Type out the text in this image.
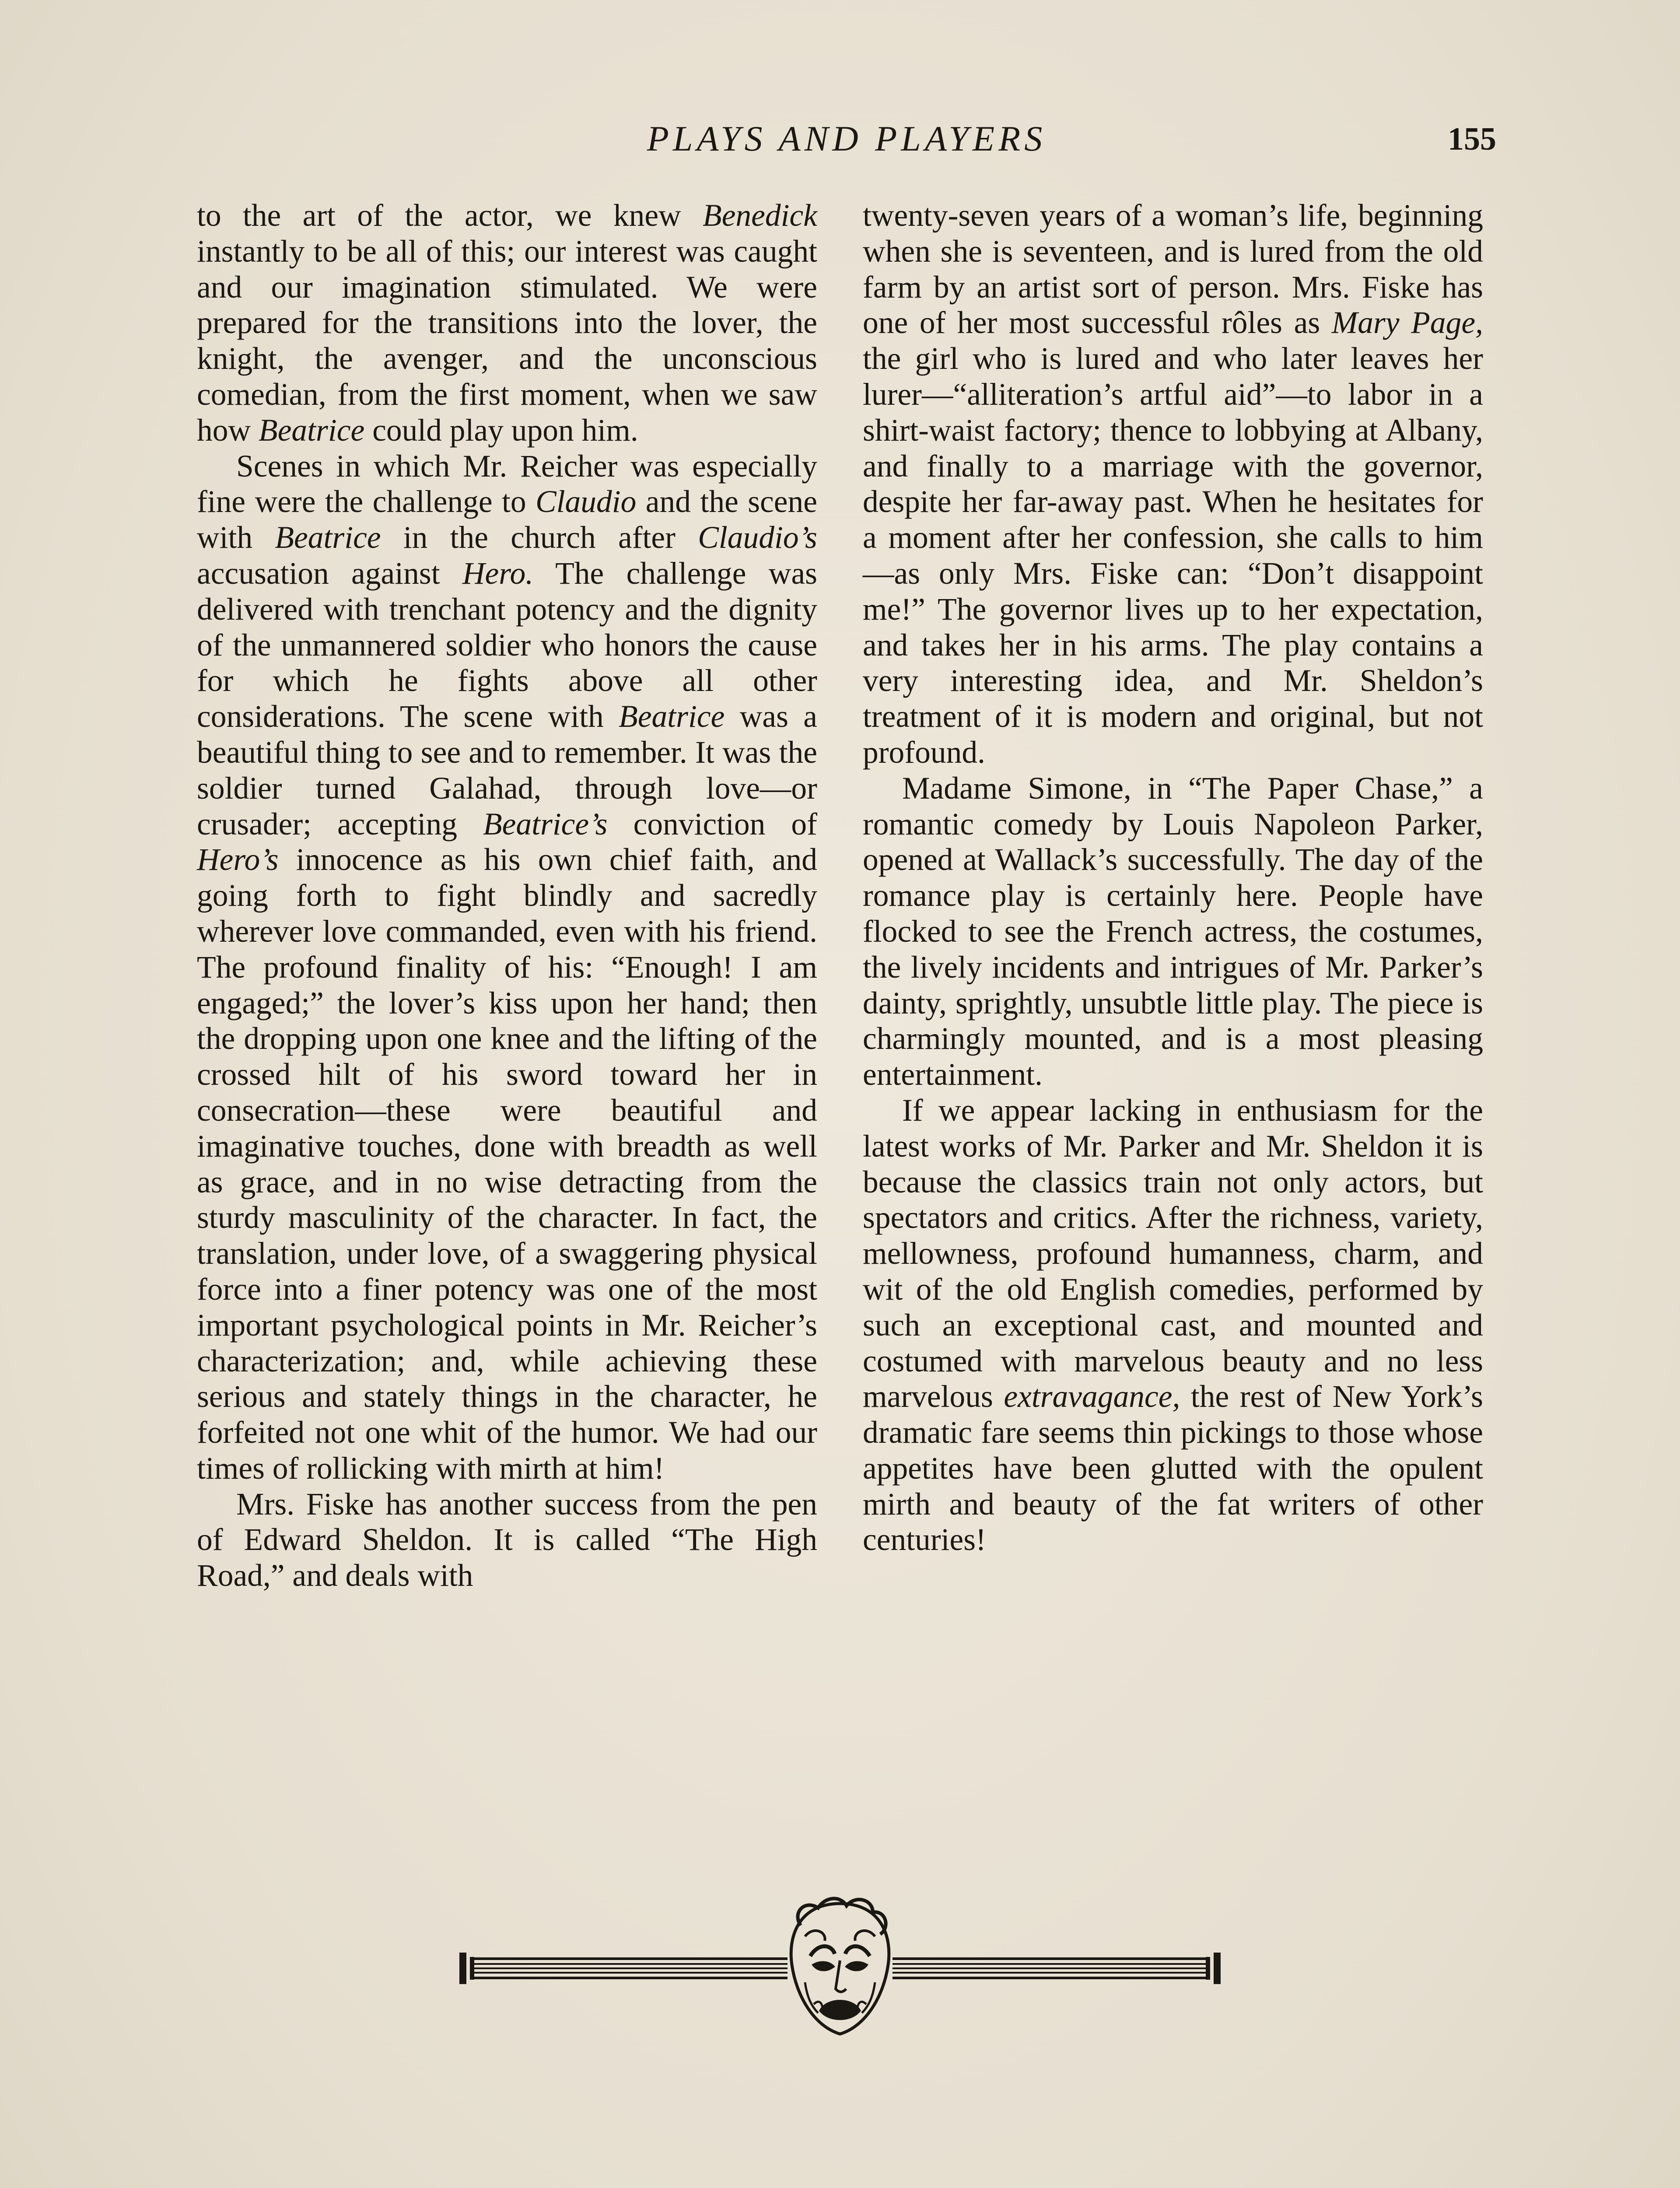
PLAYS AND PLAYERS	155

to the art of the actor, we knew Benedick instantly to be all of this; our interest was caught and our imagination stimulated. We were prepared for the transitions into the lover, the knight, the avenger, and the unconscious comedian, from the first moment, when we saw how Beatrice could play upon him.

Scenes in which Mr. Reicher was especially fine were the challenge to Claudio and the scene with Beatrice in the church after Claudio’s accusation against Hero. The challenge was delivered with trenchant potency and the dignity of the unmannered soldier who honors the cause for which he fights above all other considerations. The scene with Beatrice was a beautiful thing to see and to remember. It was the soldier turned Galahad, through love—or crusader; accepting Beatrice’s conviction of Hero’s innocence as his own chief faith, and going forth to fight blindly and sacredly wherever love commanded, even with his friend. The profound finality of his: “Enough! I am engaged;” the lover’s kiss upon her hand; then the dropping upon one knee and the lifting of the crossed hilt of his sword toward her in consecration—these were beautiful and imaginative touches, done with breadth as well as grace, and in no wise detracting from the sturdy masculinity of the character. In fact, the translation, under love, of a swaggering physical force into a finer potency was one of the most important psychological points in Mr. Reicher’s characterization; and, while achieving these serious and stately things in the character, he forfeited not one whit of the humor. We had our times of rollicking with mirth at him!

Mrs. Fiske has another success from the pen of Edward Sheldon. It is called “The High Road,” and deals with

twenty-seven years of a woman’s life, beginning when she is seventeen, and is lured from the old farm by an artist sort of person. Mrs. Fiske has one of her most successful rôles as Mary Page, the girl who is lured and who later leaves her lurer—“alliteration’s artful aid”—to labor in a shirt-waist factory; thence to lobbying at Albany, and finally to a marriage with the governor, despite her far-away past. When he hesitates for a moment after her confession, she calls to him—as only Mrs. Fiske can: “Don’t disappoint me!” The governor lives up to her expectation, and takes her in his arms. The play contains a very interesting idea, and Mr. Sheldon’s treatment of it is modern and original, but not profound.

Madame Simone, in “The Paper Chase,” a romantic comedy by Louis Napoleon Parker, opened at Wallack’s successfully. The day of the romance play is certainly here. People have flocked to see the French actress, the costumes, the lively incidents and intrigues of Mr. Parker’s dainty, sprightly, unsubtle little play. The piece is charmingly mounted, and is a most pleasing entertainment.

If we appear lacking in enthusiasm for the latest works of Mr. Parker and Mr. Sheldon it is because the classics train not only actors, but spectators and critics. After the richness, variety, mellowness, profound humanness, charm, and wit of the old English comedies, performed by such an exceptional cast, and mounted and costumed with marvelous beauty and no less marvelous extravagance, the rest of New York’s dramatic fare seems thin pickings to those whose appetites have been glutted with the opulent mirth and beauty of the fat writers of other centuries!
